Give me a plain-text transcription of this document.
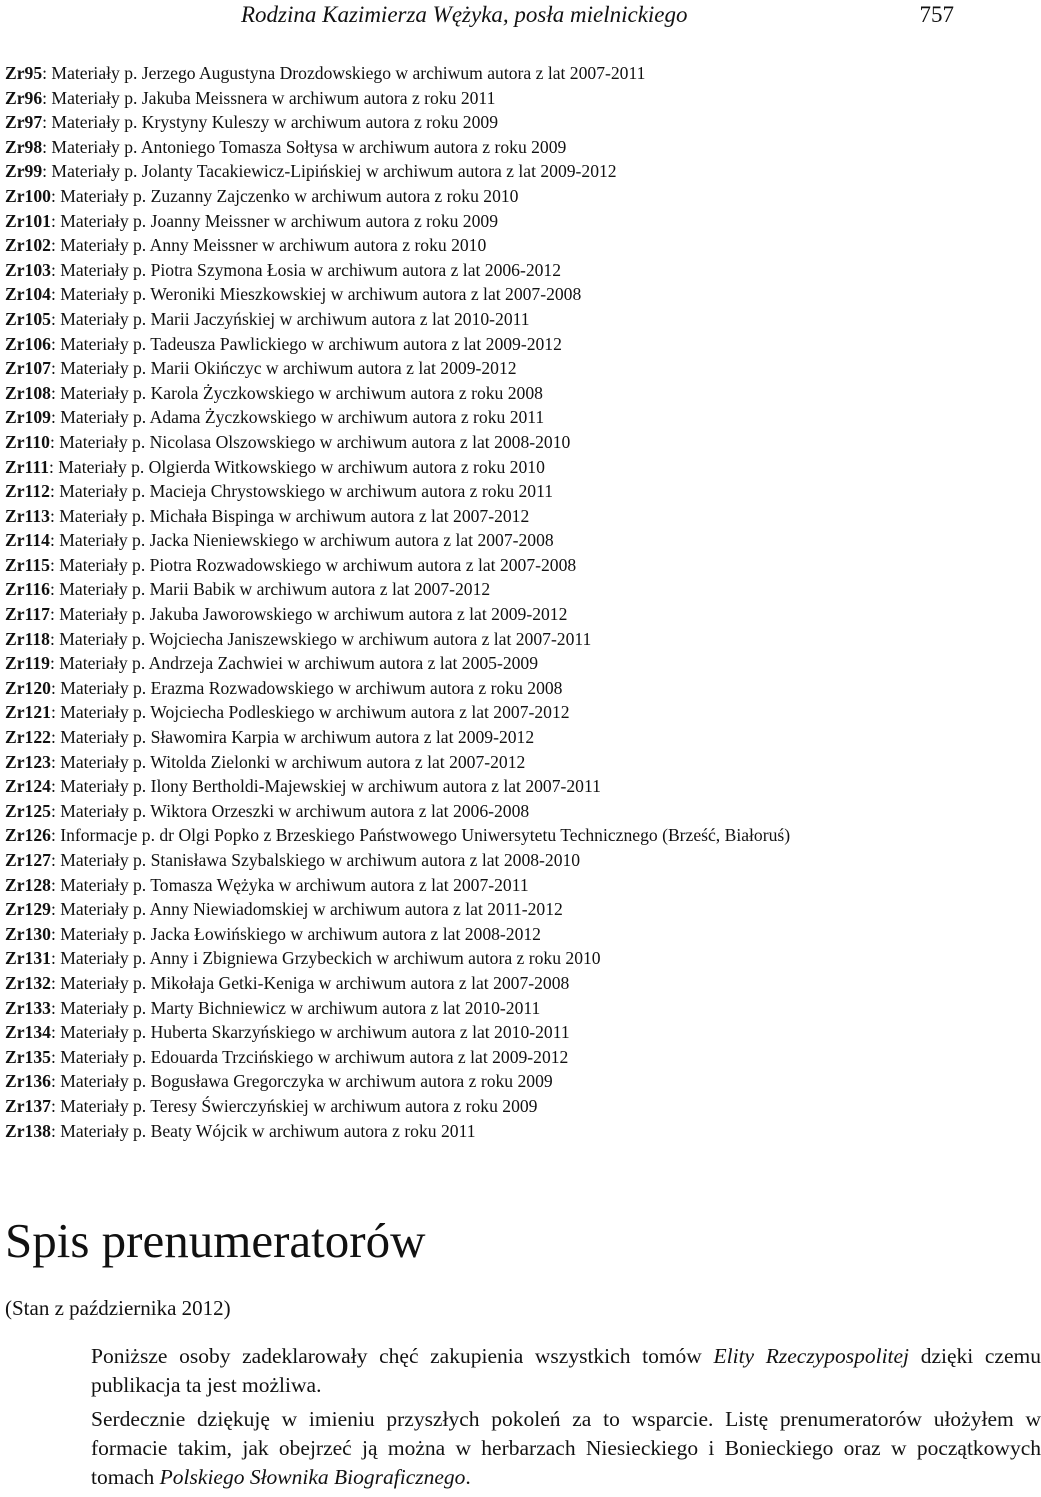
Rodzina Kazimierza Wężyka, posła mielnickiego	757
Zr95: Materiały p. Jerzego Augustyna Drozdowskiego w archiwum autora z lat 2007-2011
Zr96: Materiały p. Jakuba Meissnera w archiwum autora z roku 2011
Zr97: Materiały p. Krystyny Kuleszy w archiwum autora z roku 2009
Zr98: Materiały p. Antoniego Tomasza Sołtysa w archiwum autora z roku 2009
Zr99: Materiały p. Jolanty Tacakiewicz-Lipińskiej w archiwum autora z lat 2009-2012
Zr100: Materiały p. Zuzanny Zajczenko w archiwum autora z roku 2010
Zr101: Materiały p. Joanny Meissner w archiwum autora z roku 2009
Zr102: Materiały p. Anny Meissner w archiwum autora z roku 2010
Zr103: Materiały p. Piotra Szymona Łosia w archiwum autora z lat 2006-2012
Zr104: Materiały p. Weroniki Mieszkowskiej w archiwum autora z lat 2007-2008
Zr105: Materiały p. Marii Jaczyńskiej w archiwum autora z lat 2010-2011
Zr106: Materiały p. Tadeusza Pawlickiego w archiwum autora z lat 2009-2012
Zr107: Materiały p. Marii Okińczyc w archiwum autora z lat 2009-2012
Zr108: Materiały p. Karola Życzkowskiego w archiwum autora z roku 2008
Zr109: Materiały p. Adama Życzkowskiego w archiwum autora z roku 2011
Zr110: Materiały p. Nicolasa Olszowskiego w archiwum autora z lat 2008-2010
Zr111: Materiały p. Olgierda Witkowskiego w archiwum autora z roku 2010
Zr112: Materiały p. Macieja Chrystowskiego w archiwum autora z roku 2011
Zr113: Materiały p. Michała Bispinga w archiwum autora z lat 2007-2012
Zr114: Materiały p. Jacka Nieniewskiego w archiwum autora z lat 2007-2008
Zr115: Materiały p. Piotra Rozwadowskiego w archiwum autora z lat 2007-2008
Zr116: Materiały p. Marii Babik w archiwum autora z lat 2007-2012
Zr117: Materiały p. Jakuba Jaworowskiego w archiwum autora z lat 2009-2012
Zr118: Materiały p. Wojciecha Janiszewskiego w archiwum autora z lat 2007-2011
Zr119: Materiały p. Andrzeja Zachwiei w archiwum autora z lat 2005-2009
Zr120: Materiały p. Erazma Rozwadowskiego w archiwum autora z roku 2008
Zr121: Materiały p. Wojciecha Podleskiego w archiwum autora z lat 2007-2012
Zr122: Materiały p. Sławomira Karpia w archiwum autora z lat 2009-2012
Zr123: Materiały p. Witolda Zielonki w archiwum autora z lat 2007-2012
Zr124: Materiały p. Ilony Bertholdi-Majewskiej w archiwum autora z lat 2007-2011
Zr125: Materiały p. Wiktora Orzeszki w archiwum autora z lat 2006-2008
Zr126: Informacje p. dr Olgi Popko z Brzeskiego Państwowego Uniwersytetu Technicznego (Brześć, Białoruś)
Zr127: Materiały p. Stanisława Szybalskiego w archiwum autora z lat 2008-2010
Zr128: Materiały p. Tomasza Wężyka w archiwum autora z lat 2007-2011
Zr129: Materiały p. Anny Niewiadomskiej w archiwum autora z lat 2011-2012
Zr130: Materiały p. Jacka Łowińskiego w archiwum autora z lat 2008-2012
Zr131: Materiały p. Anny i Zbigniewa Grzybeckich w archiwum autora z roku 2010
Zr132: Materiały p. Mikołaja Getki-Keniga w archiwum autora z lat 2007-2008
Zr133: Materiały p. Marty Bichniewicz w archiwum autora z lat 2010-2011
Zr134: Materiały p. Huberta Skarzyńskiego w archiwum autora z lat 2010-2011
Zr135: Materiały p. Edouarda Trzcińskiego w archiwum autora z lat 2009-2012
Zr136: Materiały p. Bogusława Gregorczyka w archiwum autora z roku 2009
Zr137: Materiały p. Teresy Świerczyńskiej w archiwum autora z roku 2009
Zr138: Materiały p. Beaty Wójcik w archiwum autora z roku 2011
Spis prenumeratorów
(Stan z października 2012)

Poniższe osoby zadeklarowały chęć zakupienia wszystkich tomów Elity Rzeczypospolitej dzięki czemu publikacja ta jest możliwa.

Serdecznie dziękuję w imieniu przyszłych pokoleń za to wsparcie. Listę prenumeratorów ułożyłem w formacie takim, jak obejrzeć ją można w herbarzach Niesieckiego i Bonieckiego oraz w początkowych tomach Polskiego Słownika Biograficznego.
